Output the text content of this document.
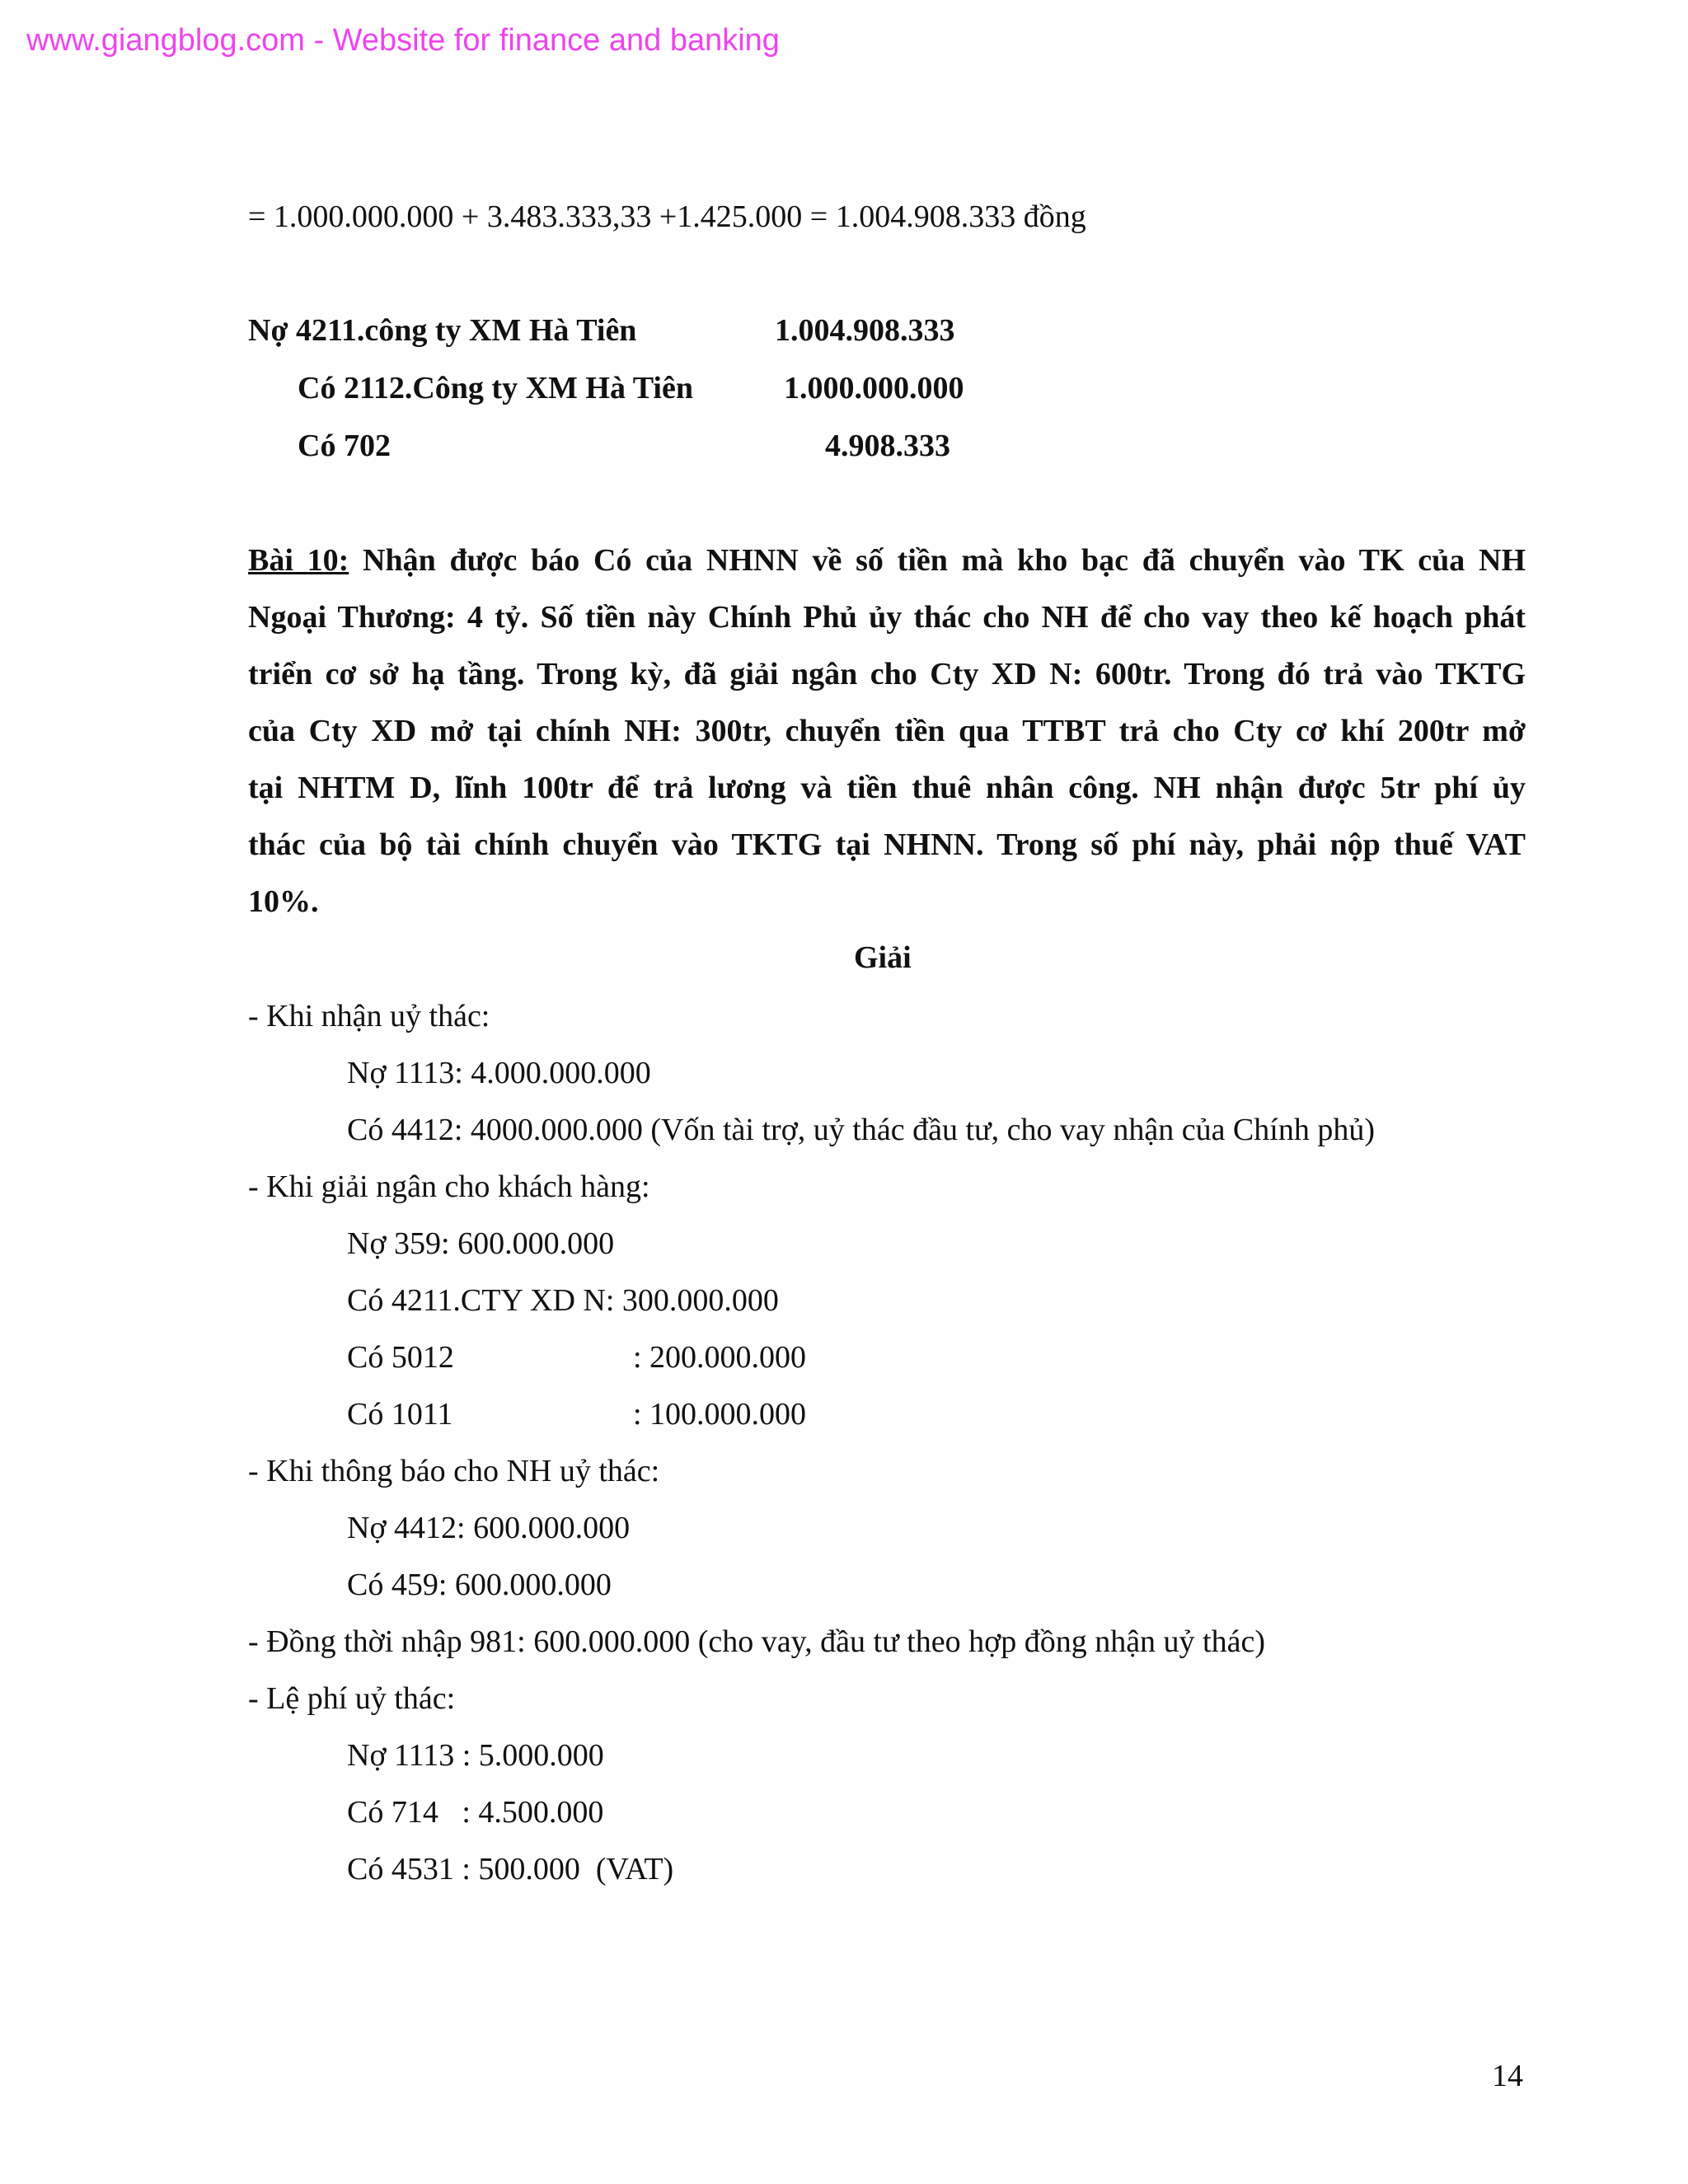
www.giangblog.com - Website for finance and banking
= 1.000.000.000 + 3.483.333,33 +1.425.000 = 1.004.908.333 đồng
Nợ 4211.công ty XM Hà Tiên	1.004.908.333
Có 2112.Công ty XM Hà Tiên	1.000.000.000
Có 702	4.908.333
Bài 10: Nhận được báo Có của NHNN về số tiền mà kho bạc đã chuyển vào TK của NH
Ngoại Thương: 4 tỷ. Số tiền này Chính Phủ ủy thác cho NH để cho vay theo kế hoạch phát
triển cơ sở hạ tầng. Trong kỳ, đã giải ngân cho Cty XD N: 600tr. Trong đó trả vào TKTG
của Cty XD mở tại chính NH: 300tr, chuyển tiền qua TTBT trả cho Cty cơ khí 200tr mở
tại NHTM D, lĩnh 100tr để trả lương và tiền thuê nhân công. NH nhận được 5tr phí ủy
thác của bộ tài chính chuyển vào TKTG tại NHNN. Trong số phí này, phải nộp thuế VAT
10%.
Giải
- Khi nhận uỷ thác:
Nợ 1113: 4.000.000.000
Có 4412: 4000.000.000 (Vốn tài trợ, uỷ thác đầu tư, cho vay nhận của Chính phủ)
- Khi giải ngân cho khách hàng:
Nợ 359: 600.000.000
Có 4211.CTY XD N: 300.000.000
Có 5012	: 200.000.000
Có 1011	: 100.000.000
- Khi thông báo cho NH uỷ thác:
Nợ 4412: 600.000.000
Có 459: 600.000.000
- Đồng thời nhập 981: 600.000.000 (cho vay, đầu tư theo hợp đồng nhận uỷ thác)
- Lệ phí uỷ thác:
Nợ 1113 : 5.000.000
Có 714   : 4.500.000
Có 4531 : 500.000  (VAT)
14
